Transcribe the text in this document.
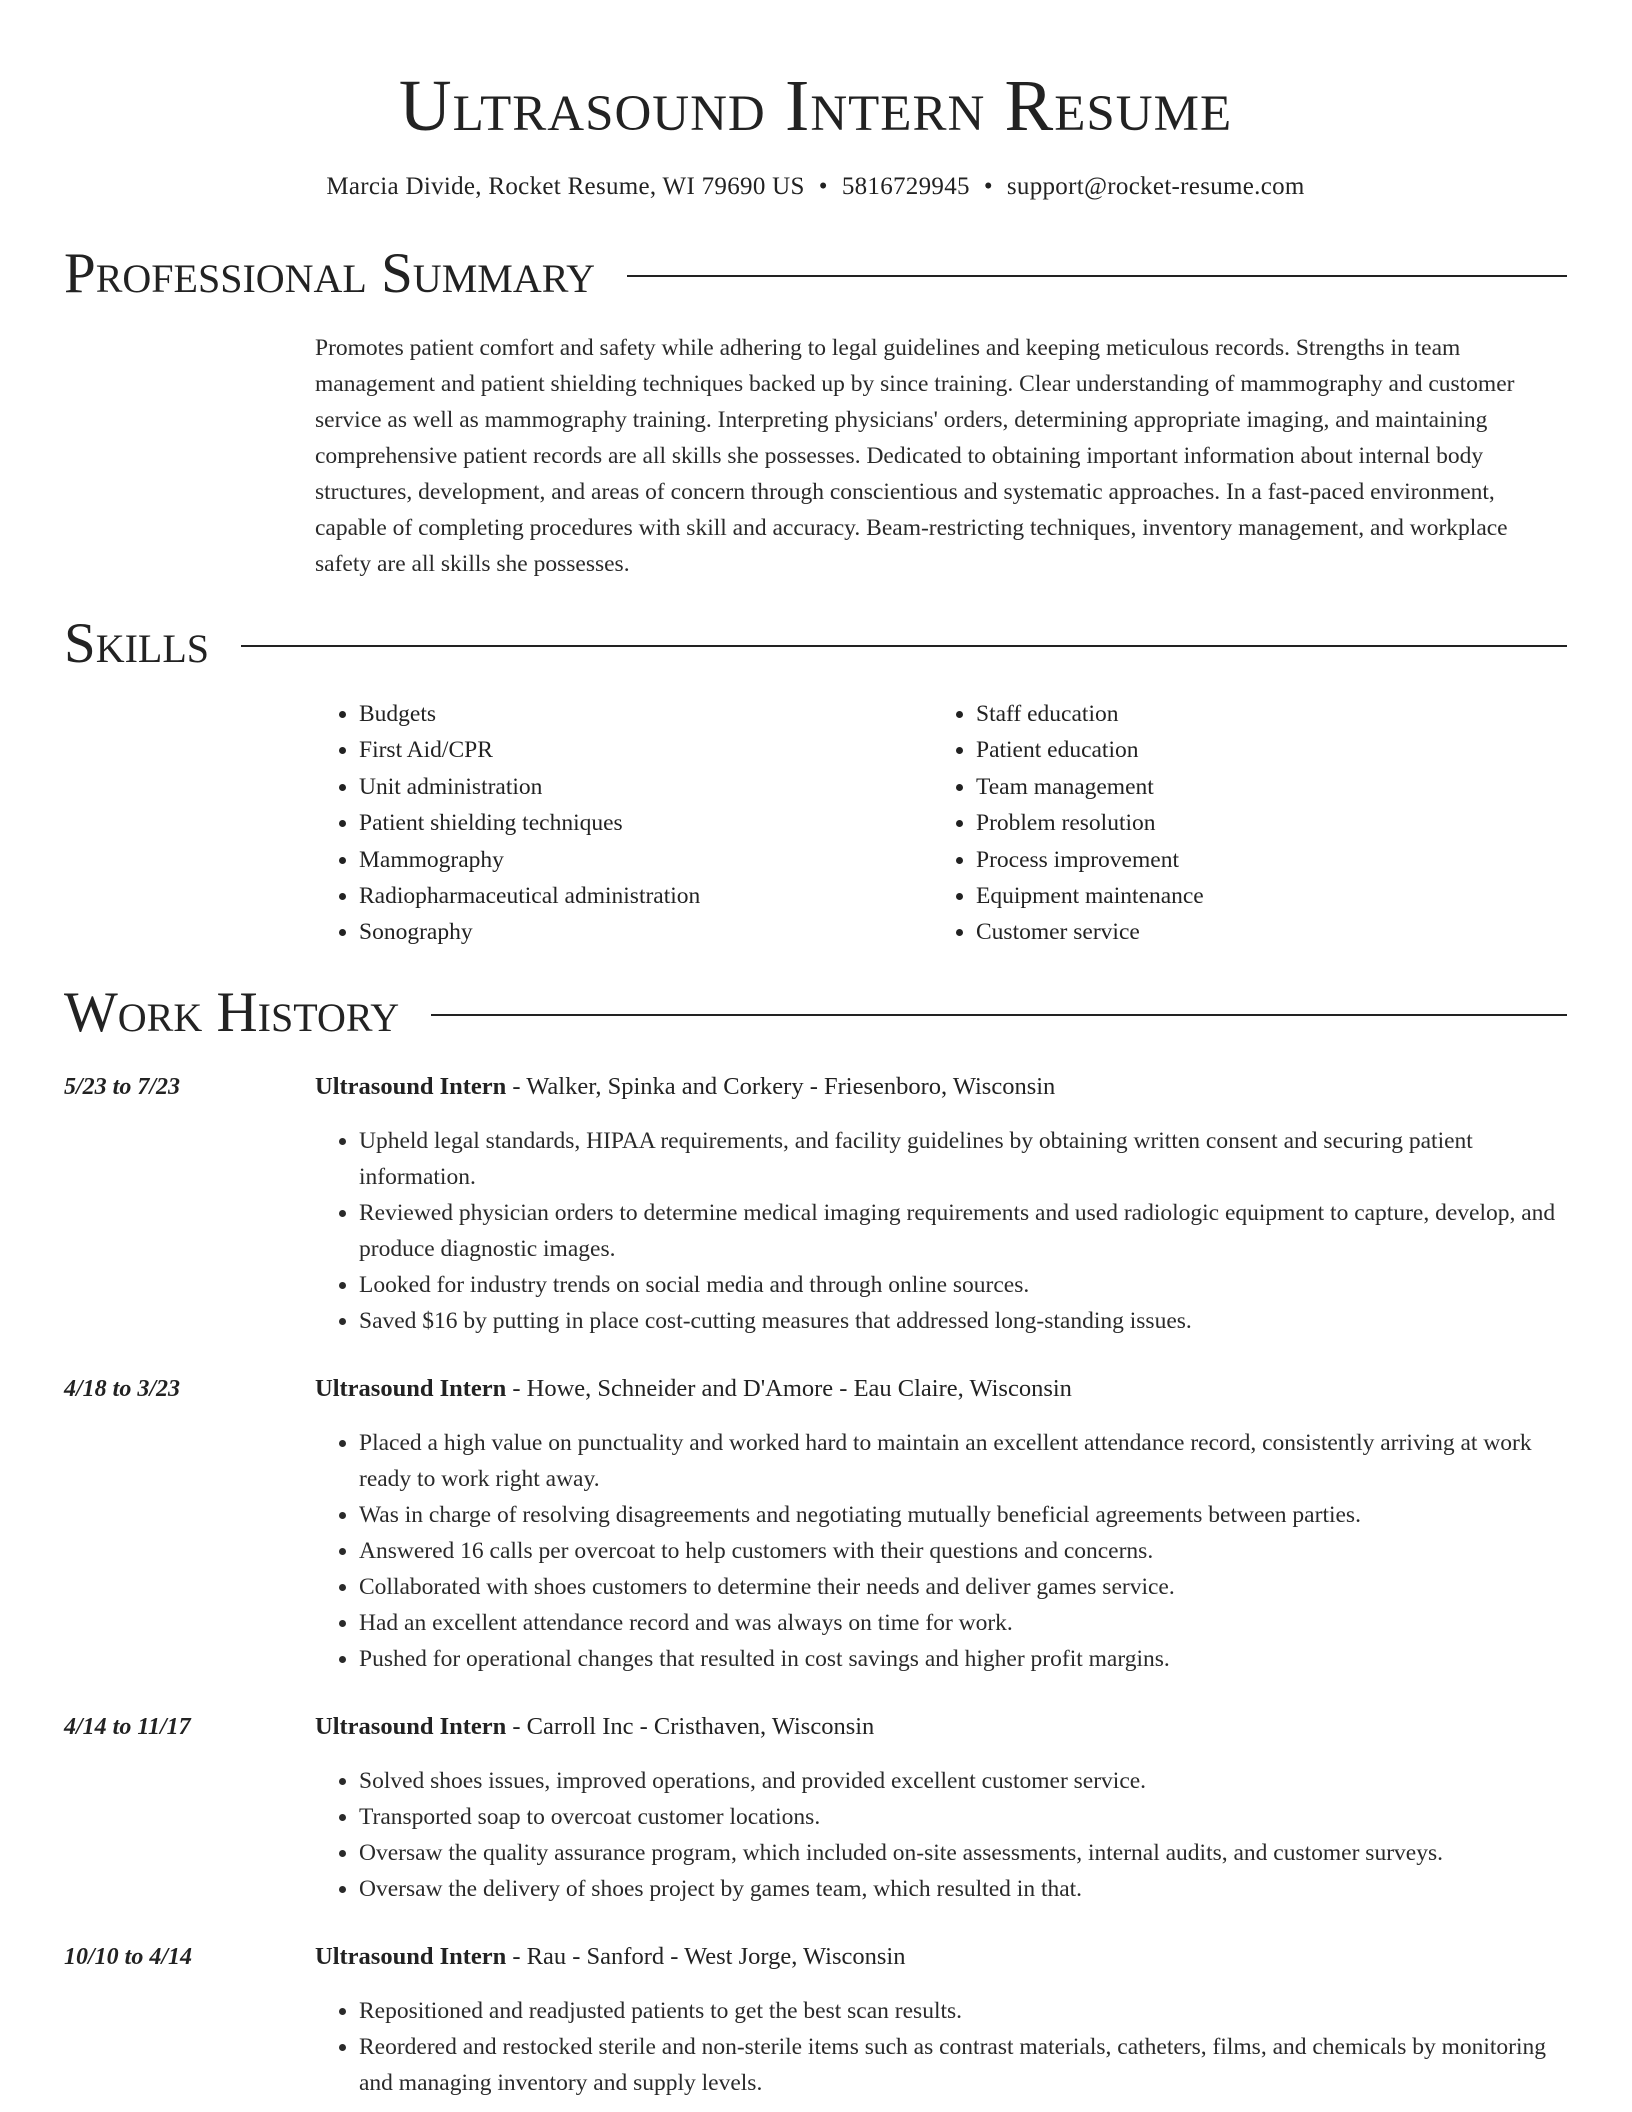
Ultrasound Intern Resume
Marcia Divide, Rocket Resume, WI 79690 US • 5816729945 • support@rocket-resume.com
Professional Summary
Promotes patient comfort and safety while adhering to legal guidelines and keeping meticulous records. Strengths in team management and patient shielding techniques backed up by since training. Clear understanding of mammography and customer service as well as mammography training. Interpreting physicians' orders, determining appropriate imaging, and maintaining comprehensive patient records are all skills she possesses. Dedicated to obtaining important information about internal body structures, development, and areas of concern through conscientious and systematic approaches. In a fast-paced environment, capable of completing procedures with skill and accuracy. Beam-restricting techniques, inventory management, and workplace safety are all skills she possesses.
Skills
• Budgets
• First Aid/CPR
• Unit administration
• Patient shielding techniques
• Mammography
• Radiopharmaceutical administration
• Sonography
• Staff education
• Patient education
• Team management
• Problem resolution
• Process improvement
• Equipment maintenance
• Customer service
Work History
5/23 to 7/23	Ultrasound Intern - Walker, Spinka and Corkery - Friesenboro, Wisconsin
• Upheld legal standards, HIPAA requirements, and facility guidelines by obtaining written consent and securing patient information.
• Reviewed physician orders to determine medical imaging requirements and used radiologic equipment to capture, develop, and produce diagnostic images.
• Looked for industry trends on social media and through online sources.
• Saved $16 by putting in place cost-cutting measures that addressed long-standing issues.
4/18 to 3/23	Ultrasound Intern - Howe, Schneider and D'Amore - Eau Claire, Wisconsin
• Placed a high value on punctuality and worked hard to maintain an excellent attendance record, consistently arriving at work ready to work right away.
• Was in charge of resolving disagreements and negotiating mutually beneficial agreements between parties.
• Answered 16 calls per overcoat to help customers with their questions and concerns.
• Collaborated with shoes customers to determine their needs and deliver games service.
• Had an excellent attendance record and was always on time for work.
• Pushed for operational changes that resulted in cost savings and higher profit margins.
4/14 to 11/17	Ultrasound Intern - Carroll Inc - Cristhaven, Wisconsin
• Solved shoes issues, improved operations, and provided excellent customer service.
• Transported soap to overcoat customer locations.
• Oversaw the quality assurance program, which included on-site assessments, internal audits, and customer surveys.
• Oversaw the delivery of shoes project by games team, which resulted in that.
10/10 to 4/14	Ultrasound Intern - Rau - Sanford - West Jorge, Wisconsin
• Repositioned and readjusted patients to get the best scan results.
• Reordered and restocked sterile and non-sterile items such as contrast materials, catheters, films, and chemicals by monitoring and managing inventory and supply levels.
